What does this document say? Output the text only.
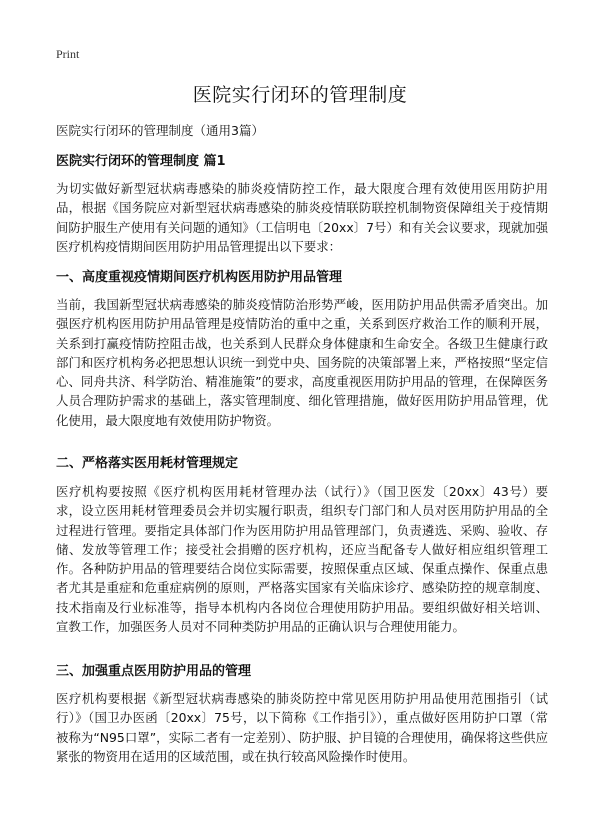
Print
医院实行闭环的管理制度

医院实行闭环的管理制度（通用3篇）

医院实行闭环的管理制度 篇1

为切实做好新型冠状病毒感染的肺炎疫情防控工作，最大限度合理有效使用医用防护用品，根据《国务院应对新型冠状病毒感染的肺炎疫情联防联控机制物资保障组关于疫情期间防护服生产使用有关问题的通知》（工信明电〔20xx〕7号）和有关会议要求，现就加强医疗机构疫情期间医用防护用品管理提出以下要求：

一、高度重视疫情期间医疗机构医用防护用品管理

当前，我国新型冠状病毒感染的肺炎疫情防治形势严峻，医用防护用品供需矛盾突出。加强医疗机构医用防护用品管理是疫情防治的重中之重，关系到医疗救治工作的顺利开展，关系到打赢疫情防控阻击战，也关系到人民群众身体健康和生命安全。各级卫生健康行政部门和医疗机构务必把思想认识统一到党中央、国务院的决策部署上来，严格按照“坚定信心、同舟共济、科学防治、精准施策”的要求，高度重视医用防护用品的管理，在保障医务人员合理防护需求的基础上，落实管理制度、细化管理措施，做好医用防护用品管理，优化使用，最大限度地有效使用防护物资。

二、严格落实医用耗材管理规定

医疗机构要按照《医疗机构医用耗材管理办法（试行）》（国卫医发〔20xx〕43号）要求，设立医用耗材管理委员会并切实履行职责，组织专门部门和人员对医用防护用品的全过程进行管理。要指定具体部门作为医用防护用品管理部门，负责遴选、采购、验收、存储、发放等管理工作；接受社会捐赠的医疗机构，还应当配备专人做好相应组织管理工作。各种防护用品的管理要结合岗位实际需要，按照保重点区域、保重点操作、保重点患者尤其是重症和危重症病例的原则，严格落实国家有关临床诊疗、感染防控的规章制度、技术指南及行业标准等，指导本机构内各岗位合理使用防护用品。要组织做好相关培训、宣教工作，加强医务人员对不同种类防护用品的正确认识与合理使用能力。

三、加强重点医用防护用品的管理

医疗机构要根据《新型冠状病毒感染的肺炎防控中常见医用防护用品使用范围指引（试行）》（国卫办医函〔20xx〕75号，以下简称《工作指引》），重点做好医用防护口罩（常被称为“N95口罩”，实际二者有一定差别）、防护服、护目镜的合理使用，确保将这些供应紧张的物资用在适用的区域范围，或在执行较高风险操作时使用。
